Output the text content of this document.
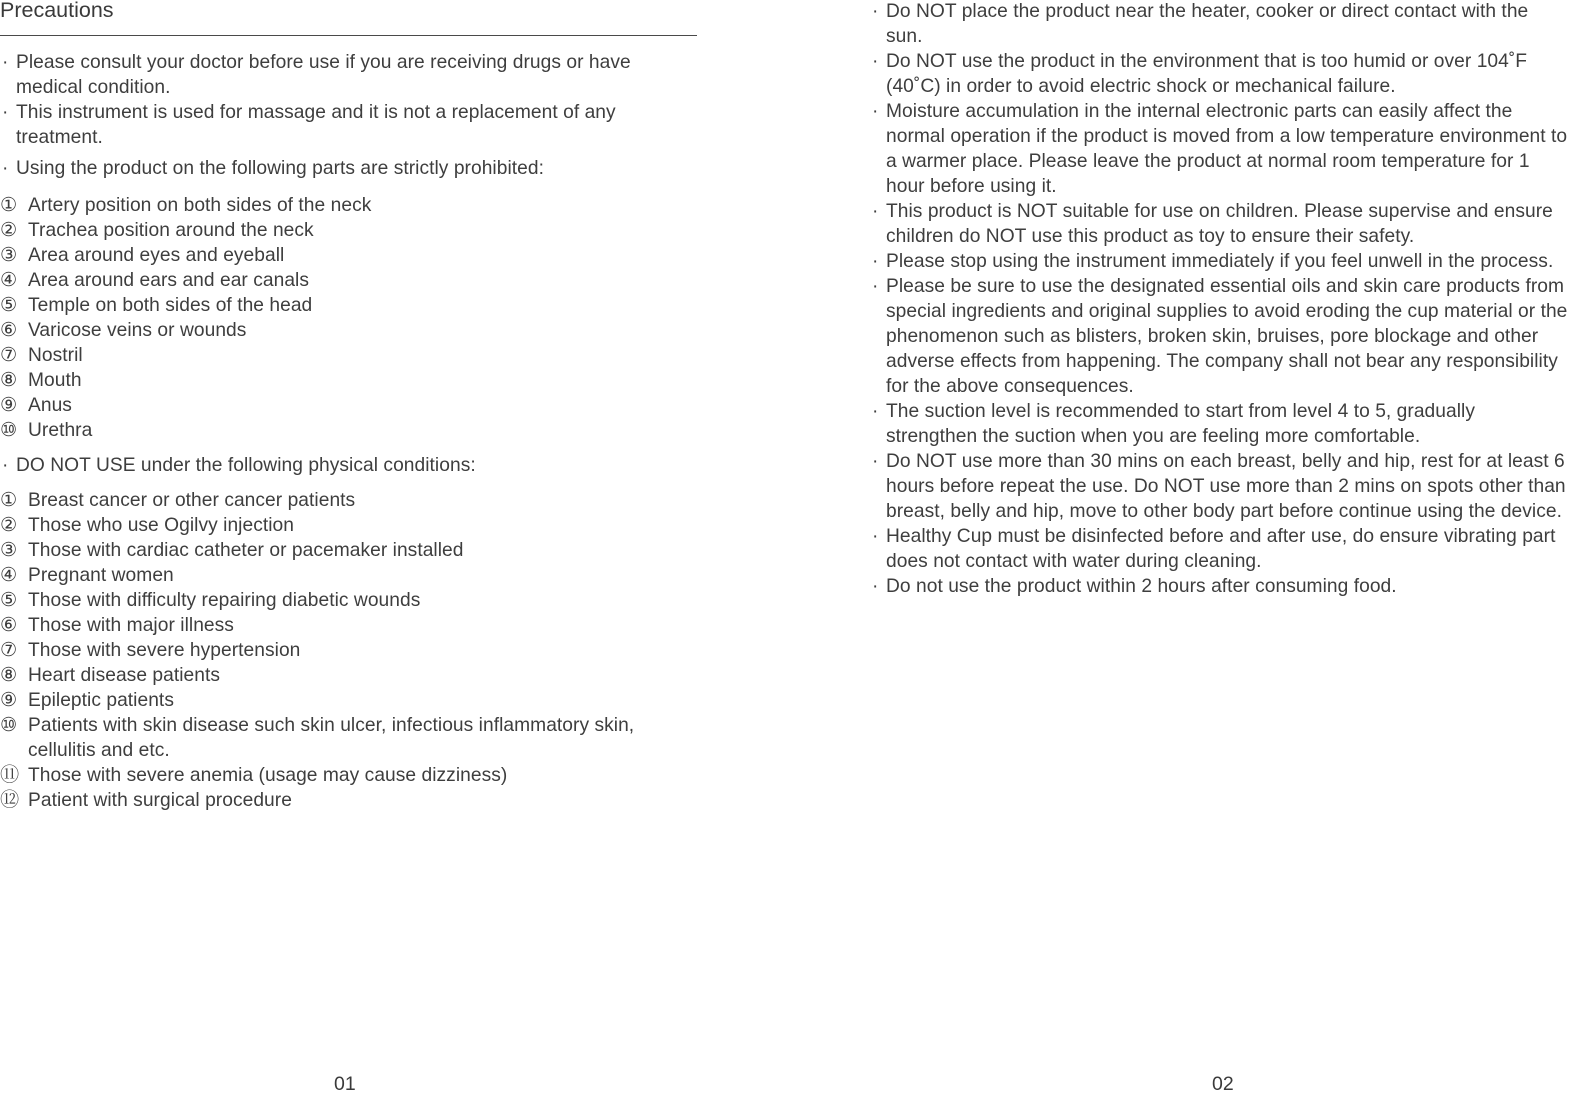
Precautions
· Please consult your doctor before use if you are receiving drugs or have medical condition.
· This instrument is used for massage and it is not a replacement of any treatment.
· Using the product on the following parts are strictly prohibited:
① Artery position on both sides of the neck
② Trachea position around the neck
③ Area around eyes and eyeball
④ Area around ears and ear canals
⑤ Temple on both sides of the head
⑥ Varicose veins or wounds
⑦ Nostril
⑧ Mouth
⑨ Anus
⑩ Urethra
· DO NOT USE under the following physical conditions:
① Breast cancer or other cancer patients
② Those who use Ogilvy injection
③ Those with cardiac catheter or pacemaker installed
④ Pregnant women
⑤ Those with difficulty repairing diabetic wounds
⑥ Those with major illness
⑦ Those with severe hypertension
⑧ Heart disease patients
⑨ Epileptic patients
⑩ Patients with skin disease such skin ulcer, infectious inflammatory skin, cellulitis and etc.
⑪ Those with severe anemia (usage may cause dizziness)
⑫ Patient with surgical procedure
01
· Do NOT place the product near the heater, cooker or direct contact with the sun.
· Do NOT use the product in the environment that is too humid or over 104˚F (40˚C) in order to avoid electric shock or mechanical failure.
· Moisture accumulation in the internal electronic parts can easily affect the normal operation if the product is moved from a low temperature environment to a warmer place. Please leave the product at normal room temperature for 1 hour before using it.
· This product is NOT suitable for use on children. Please supervise and ensure children do NOT use this product as toy to ensure their safety.
· Please stop using the instrument immediately if you feel unwell in the process.
· Please be sure to use the designated essential oils and skin care products from special ingredients and original supplies to avoid eroding the cup material or the phenomenon such as blisters, broken skin, bruises, pore blockage and other adverse effects from happening. The company shall not bear any responsibility for the above consequences.
· The suction level is recommended to start from level 4 to 5, gradually strengthen the suction when you are feeling more comfortable.
· Do NOT use more than 30 mins on each breast, belly and hip, rest for at least 6 hours before repeat the use. Do NOT use more than 2 mins on spots other than breast, belly and hip, move to other body part before continue using the device.
· Healthy Cup must be disinfected before and after use, do ensure vibrating part does not contact with water during cleaning.
· Do not use the product within 2 hours after consuming food.
02
